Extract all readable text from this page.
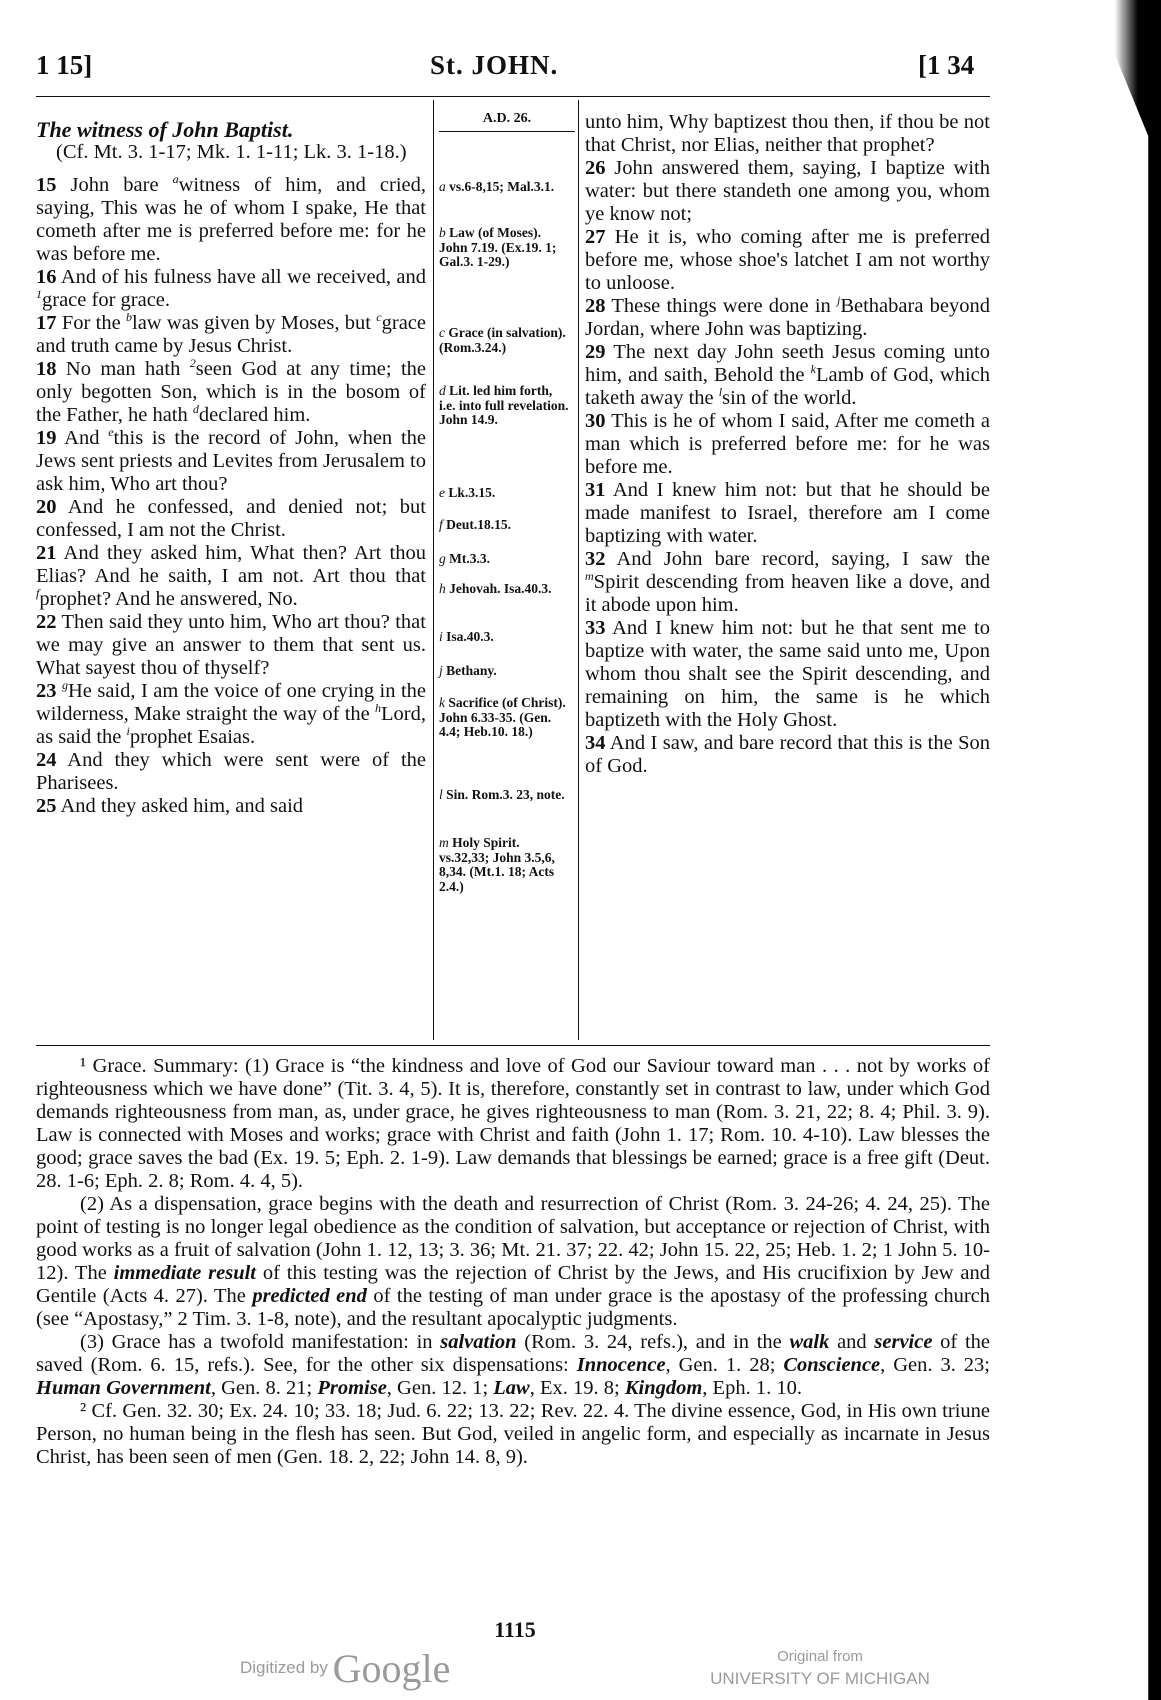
1 15]	St. JOHN.	[1 34

The witness of John Baptist.

(Cf. Mt. 3. 1-17; Mk. 1. 1-11; Lk. 3. 1-18.)

15 John bare $^a$witness of him, and cried, saying, This was he of whom I spake, He that cometh after me is preferred before me: for he was before me.

16 And of his fulness have all we received, and $^1$grace for grace.

17 For the $^b$law was given by Moses, but $^c$grace and truth came by Jesus Christ.

18 No man hath $^2$seen God at any time; the only begotten Son, which is in the bosom of the Father, he hath $^d$declared him.

19 And $^e$this is the record of John, when the Jews sent priests and Levites from Jerusalem to ask him, Who art thou?

20 And he confessed, and denied not; but confessed, I am not the Christ.

21 And they asked him, What then? Art thou Elias? And he saith, I am not. Art thou that $^f$prophet? And he answered, No.

22 Then said they unto him, Who art thou? that we may give an answer to them that sent us. What sayest thou of thyself?

23 $^g$He said, I am the voice of one crying in the wilderness, Make straight the way of the $^h$Lord, as said the $^i$prophet Esaias.

24 And they which were sent were of the Pharisees.

25 And they asked him, and said

A.D. 26.
a vs.6-8,15; Mal.3.1.
b Law (of Moses). John 7.19. (Ex.19. 1; Gal.3. 1-29.)
c Grace (in salvation). (Rom.3.24.)
d Lit. led him forth, i.e. into full revelation. John 14.9.
e Lk.3.15.
f Deut.18.15.
g Mt.3.3.
h Jehovah. Isa.40.3.
i Isa.40.3.
j Bethany.
k Sacrifice (of Christ). John 6.33-35. (Gen. 4.4; Heb.10. 18.)
l Sin. Rom.3. 23, note.
m Holy Spirit. vs.32,33; John 3.5,6, 8,34. (Mt.1. 18; Acts 2.4.)

unto him, Why baptizest thou then, if thou be not that Christ, nor Elias, neither that prophet?

26 John answered them, saying, I baptize with water: but there standeth one among you, whom ye know not;

27 He it is, who coming after me is preferred before me, whose shoe's latchet I am not worthy to unloose.

28 These things were done in $^j$Bethabara beyond Jordan, where John was baptizing.

29 The next day John seeth Jesus coming unto him, and saith, Behold the $^k$Lamb of God, which taketh away the $^l$sin of the world.

30 This is he of whom I said, After me cometh a man which is preferred before me: for he was before me.

31 And I knew him not: but that he should be made manifest to Israel, therefore am I come baptizing with water.

32 And John bare record, saying, I saw the $^m$Spirit descending from heaven like a dove, and it abode upon him.

33 And I knew him not: but he that sent me to baptize with water, the same said unto me, Upon whom thou shalt see the Spirit descending, and remaining on him, the same is he which baptizeth with the Holy Ghost.

34 And I saw, and bare record that this is the Son of God.

¹ Grace. Summary: (1) Grace is “the kindness and love of God our Saviour toward man . . . not by works of righteousness which we have done” (Tit. 3. 4, 5). It is, therefore, constantly set in contrast to law, under which God demands righteousness from man, as, under grace, he gives righteousness to man (Rom. 3. 21, 22; 8. 4; Phil. 3. 9). Law is connected with Moses and works; grace with Christ and faith (John 1. 17; Rom. 10. 4-10). Law blesses the good; grace saves the bad (Ex. 19. 5; Eph. 2. 1-9). Law demands that blessings be earned; grace is a free gift (Deut. 28. 1-6; Eph. 2. 8; Rom. 4. 4, 5).

(2) As a dispensation, grace begins with the death and resurrection of Christ (Rom. 3. 24-26; 4. 24, 25). The point of testing is no longer legal obedience as the condition of salvation, but acceptance or rejection of Christ, with good works as a fruit of salvation (John 1. 12, 13; 3. 36; Mt. 21. 37; 22. 42; John 15. 22, 25; Heb. 1. 2; 1 John 5. 10-12). The immediate result of this testing was the rejection of Christ by the Jews, and His crucifixion by Jew and Gentile (Acts 4. 27). The predicted end of the testing of man under grace is the apostasy of the professing church (see “Apostasy,” 2 Tim. 3. 1-8, note), and the resultant apocalyptic judgments.

(3) Grace has a twofold manifestation: in salvation (Rom. 3. 24, refs.), and in the walk and service of the saved (Rom. 6. 15, refs.). See, for the other six dispensations: Innocence, Gen. 1. 28; Conscience, Gen. 3. 23; Human Government, Gen. 8. 21; Promise, Gen. 12. 1; Law, Ex. 19. 8; Kingdom, Eph. 1. 10.

² Cf. Gen. 32. 30; Ex. 24. 10; 33. 18; Jud. 6. 22; 13. 22; Rev. 22. 4. The divine essence, God, in His own triune Person, no human being in the flesh has seen. But God, veiled in angelic form, and especially as incarnate in Jesus Christ, has been seen of men (Gen. 18. 2, 22; John 14. 8, 9).

1115
Digitized by Google	Original from
UNIVERSITY OF MICHIGAN
